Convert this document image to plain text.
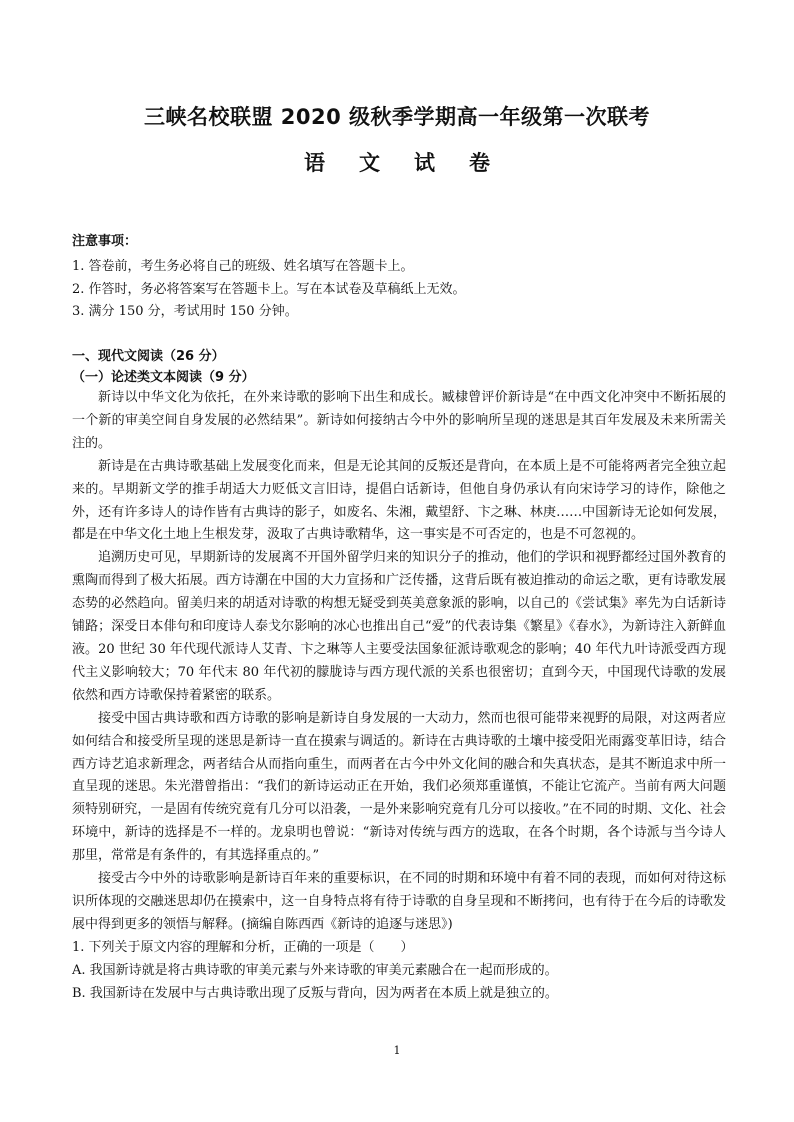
三峡名校联盟 2020 级秋季学期高一年级第一次联考
语文试卷
注意事项：
1. 答卷前，考生务必将自己的班级、姓名填写在答题卡上。
2. 作答时，务必将答案写在答题卡上。写在本试卷及草稿纸上无效。
3. 满分 150 分，考试用时 150 分钟。
一、现代文阅读（26 分）
（一）论述类文本阅读（9 分）

新诗以中华文化为依托，在外来诗歌的影响下出生和成长。臧棣曾评价新诗是“在中西文化冲突中不断拓展的一个新的审美空间自身发展的必然结果”。新诗如何接纳古今中外的影响所呈现的迷思是其百年发展及未来所需关注的。

新诗是在古典诗歌基础上发展变化而来，但是无论其间的反叛还是背向，在本质上是不可能将两者完全独立起来的。早期新文学的推手胡适大力贬低文言旧诗，提倡白话新诗，但他自身仍承认有向宋诗学习的诗作，除他之外，还有许多诗人的诗作皆有古典诗的影子，如废名、朱湘，戴望舒、卞之琳、林庚……中国新诗无论如何发展，都是在中华文化土地上生根发芽，汲取了古典诗歌精华，这一事实是不可否定的，也是不可忽视的。

追溯历史可见，早期新诗的发展离不开国外留学归来的知识分子的推动，他们的学识和视野都经过国外教育的熏陶而得到了极大拓展。西方诗潮在中国的大力宣扬和广泛传播，这背后既有被迫推动的命运之歌，更有诗歌发展态势的必然趋向。留美归来的胡适对诗歌的构想无疑受到英美意象派的影响，以自己的《尝试集》率先为白话新诗铺路；深受日本俳句和印度诗人泰戈尔影响的冰心也推出自己“爱”的代表诗集《繁星》《春水》，为新诗注入新鲜血液。20 世纪 30 年代现代派诗人艾青、卞之琳等人主要受法国象征派诗歌观念的影响；40 年代九叶诗派受西方现代主义影响较大；70 年代末 80 年代初的朦胧诗与西方现代派的关系也很密切；直到今天，中国现代诗歌的发展依然和西方诗歌保持着紧密的联系。

接受中国古典诗歌和西方诗歌的影响是新诗自身发展的一大动力，然而也很可能带来视野的局限，对这两者应如何结合和接受所呈现的迷思是新诗一直在摸索与调适的。新诗在古典诗歌的土壤中接受阳光雨露变革旧诗，结合西方诗艺追求新理念，两者结合从而指向重生，而两者在古今中外文化间的融合和失真状态，是其不断追求中所一直呈现的迷思。朱光潜曾指出：“我们的新诗运动正在开始，我们必须郑重谨慎，不能让它流产。当前有两大问题须特别研究，一是固有传统究竟有几分可以沿袭，一是外来影响究竟有几分可以接收。”在不同的时期、文化、社会环境中，新诗的选择是不一样的。龙泉明也曾说：“新诗对传统与西方的选取，在各个时期，各个诗派与当今诗人那里，常常是有条件的，有其选择重点的。”

接受古今中外的诗歌影响是新诗百年来的重要标识，在不同的时期和环境中有着不同的表现，而如何对待这标识所体现的交融迷思却仍在摸索中，这一自身特点将有待于诗歌的自身呈现和不断拷问，也有待于在今后的诗歌发展中得到更多的领悟与解释。(摘编自陈西西《新诗的追逐与迷思》)

1. 下列关于原文内容的理解和分析，正确的一项是（　　）
A. 我国新诗就是将古典诗歌的审美元素与外来诗歌的审美元素融合在一起而形成的。
B. 我国新诗在发展中与古典诗歌出现了反叛与背向，因为两者在本质上就是独立的。
1
